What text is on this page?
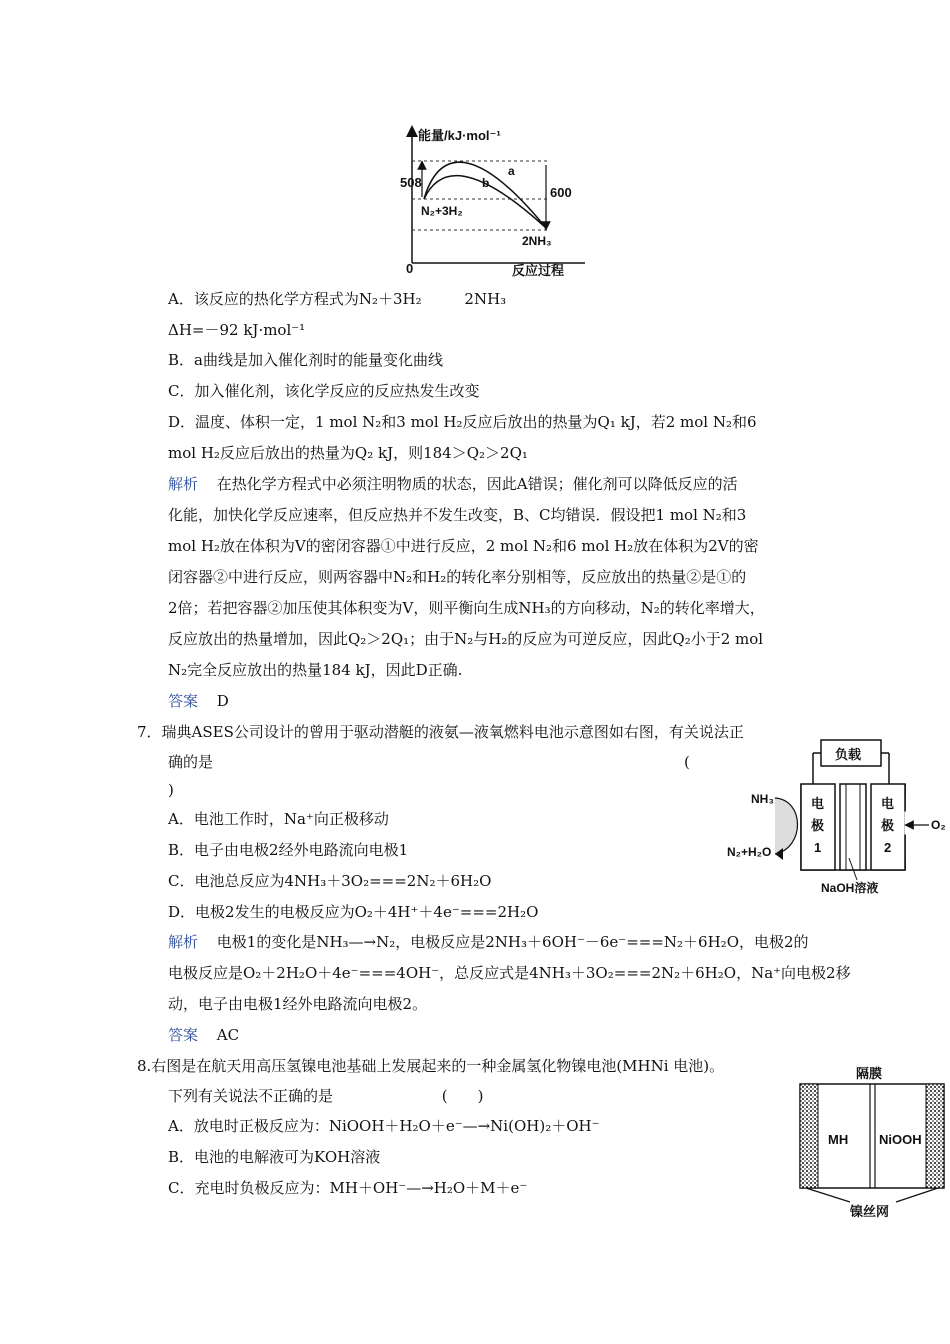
能量/kJ·mol⁻¹
508
600
N₂+3H₂
2NH₃
a
b
0	反应过程
A．该反应的热化学方程式为N₂＋3H₂	2NH₃
ΔH=－92 kJ·mol⁻¹
B．a曲线是加入催化剂时的能量变化曲线
C．加入催化剂，该化学反应的反应热发生改变
D．温度、体积一定，1 mol N₂和3 mol H₂反应后放出的热量为Q₁ kJ，若2 mol N₂和6
mol H₂反应后放出的热量为Q₂ kJ，则184＞Q₂＞2Q₁
解析 在热化学方程式中必须注明物质的状态，因此A错误；催化剂可以降低反应的活
化能，加快化学反应速率，但反应热并不发生改变，B、C均错误．假设把1 mol N₂和3
mol H₂放在体积为V的密闭容器①中进行反应，2 mol N₂和6 mol H₂放在体积为2V的密
闭容器②中进行反应，则两容器中N₂和H₂的转化率分别相等，反应放出的热量②是①的
2倍；若把容器②加压使其体积变为V，则平衡向生成NH₃的方向移动，N₂的转化率增大，
反应放出的热量增加，因此Q₂＞2Q₁；由于N₂与H₂的反应为可逆反应，因此Q₂小于2 mol
N₂完全反应放出的热量184 kJ，因此D正确.
答案 D
7．瑞典ASES公司设计的曾用于驱动潜艇的液氨—液氧燃料电池示意图如右图，有关说法正
确的是	(
)
A．电池工作时，Na⁺向正极移动
B．电子由电极2经外电路流向电极1
C．电池总反应为4NH₃＋3O₂===2N₂＋6H₂O
D．电极2发生的电极反应为O₂＋4H⁺＋4e⁻===2H₂O
解析 电极1的变化是NH₃—→N₂，电极反应是2NH₃＋6OH⁻－6e⁻===N₂＋6H₂O，电极2的
电极反应是O₂＋2H₂O＋4e⁻===4OH⁻，总反应式是4NH₃＋3O₂===2N₂＋6H₂O，Na⁺向电极2移
动，电子由电极1经外电路流向电极2。
答案 AC
负载
NH₃
N₂+H₂O
电
极
1
电
极
2
O₂
NaOH溶液
8.右图是在航天用高压氢镍电池基础上发展起来的一种金属氢化物镍电池(MHNi 电池)。
下列有关说法不正确的是	(　　)
A．放电时正极反应为：NiOOH＋H₂O＋e⁻—→Ni(OH)₂＋OH⁻
B．电池的电解液可为KOH溶液
C．充电时负极反应为：MH＋OH⁻—→H₂O＋M＋e⁻
隔膜
MH NiOOH
镍丝网
